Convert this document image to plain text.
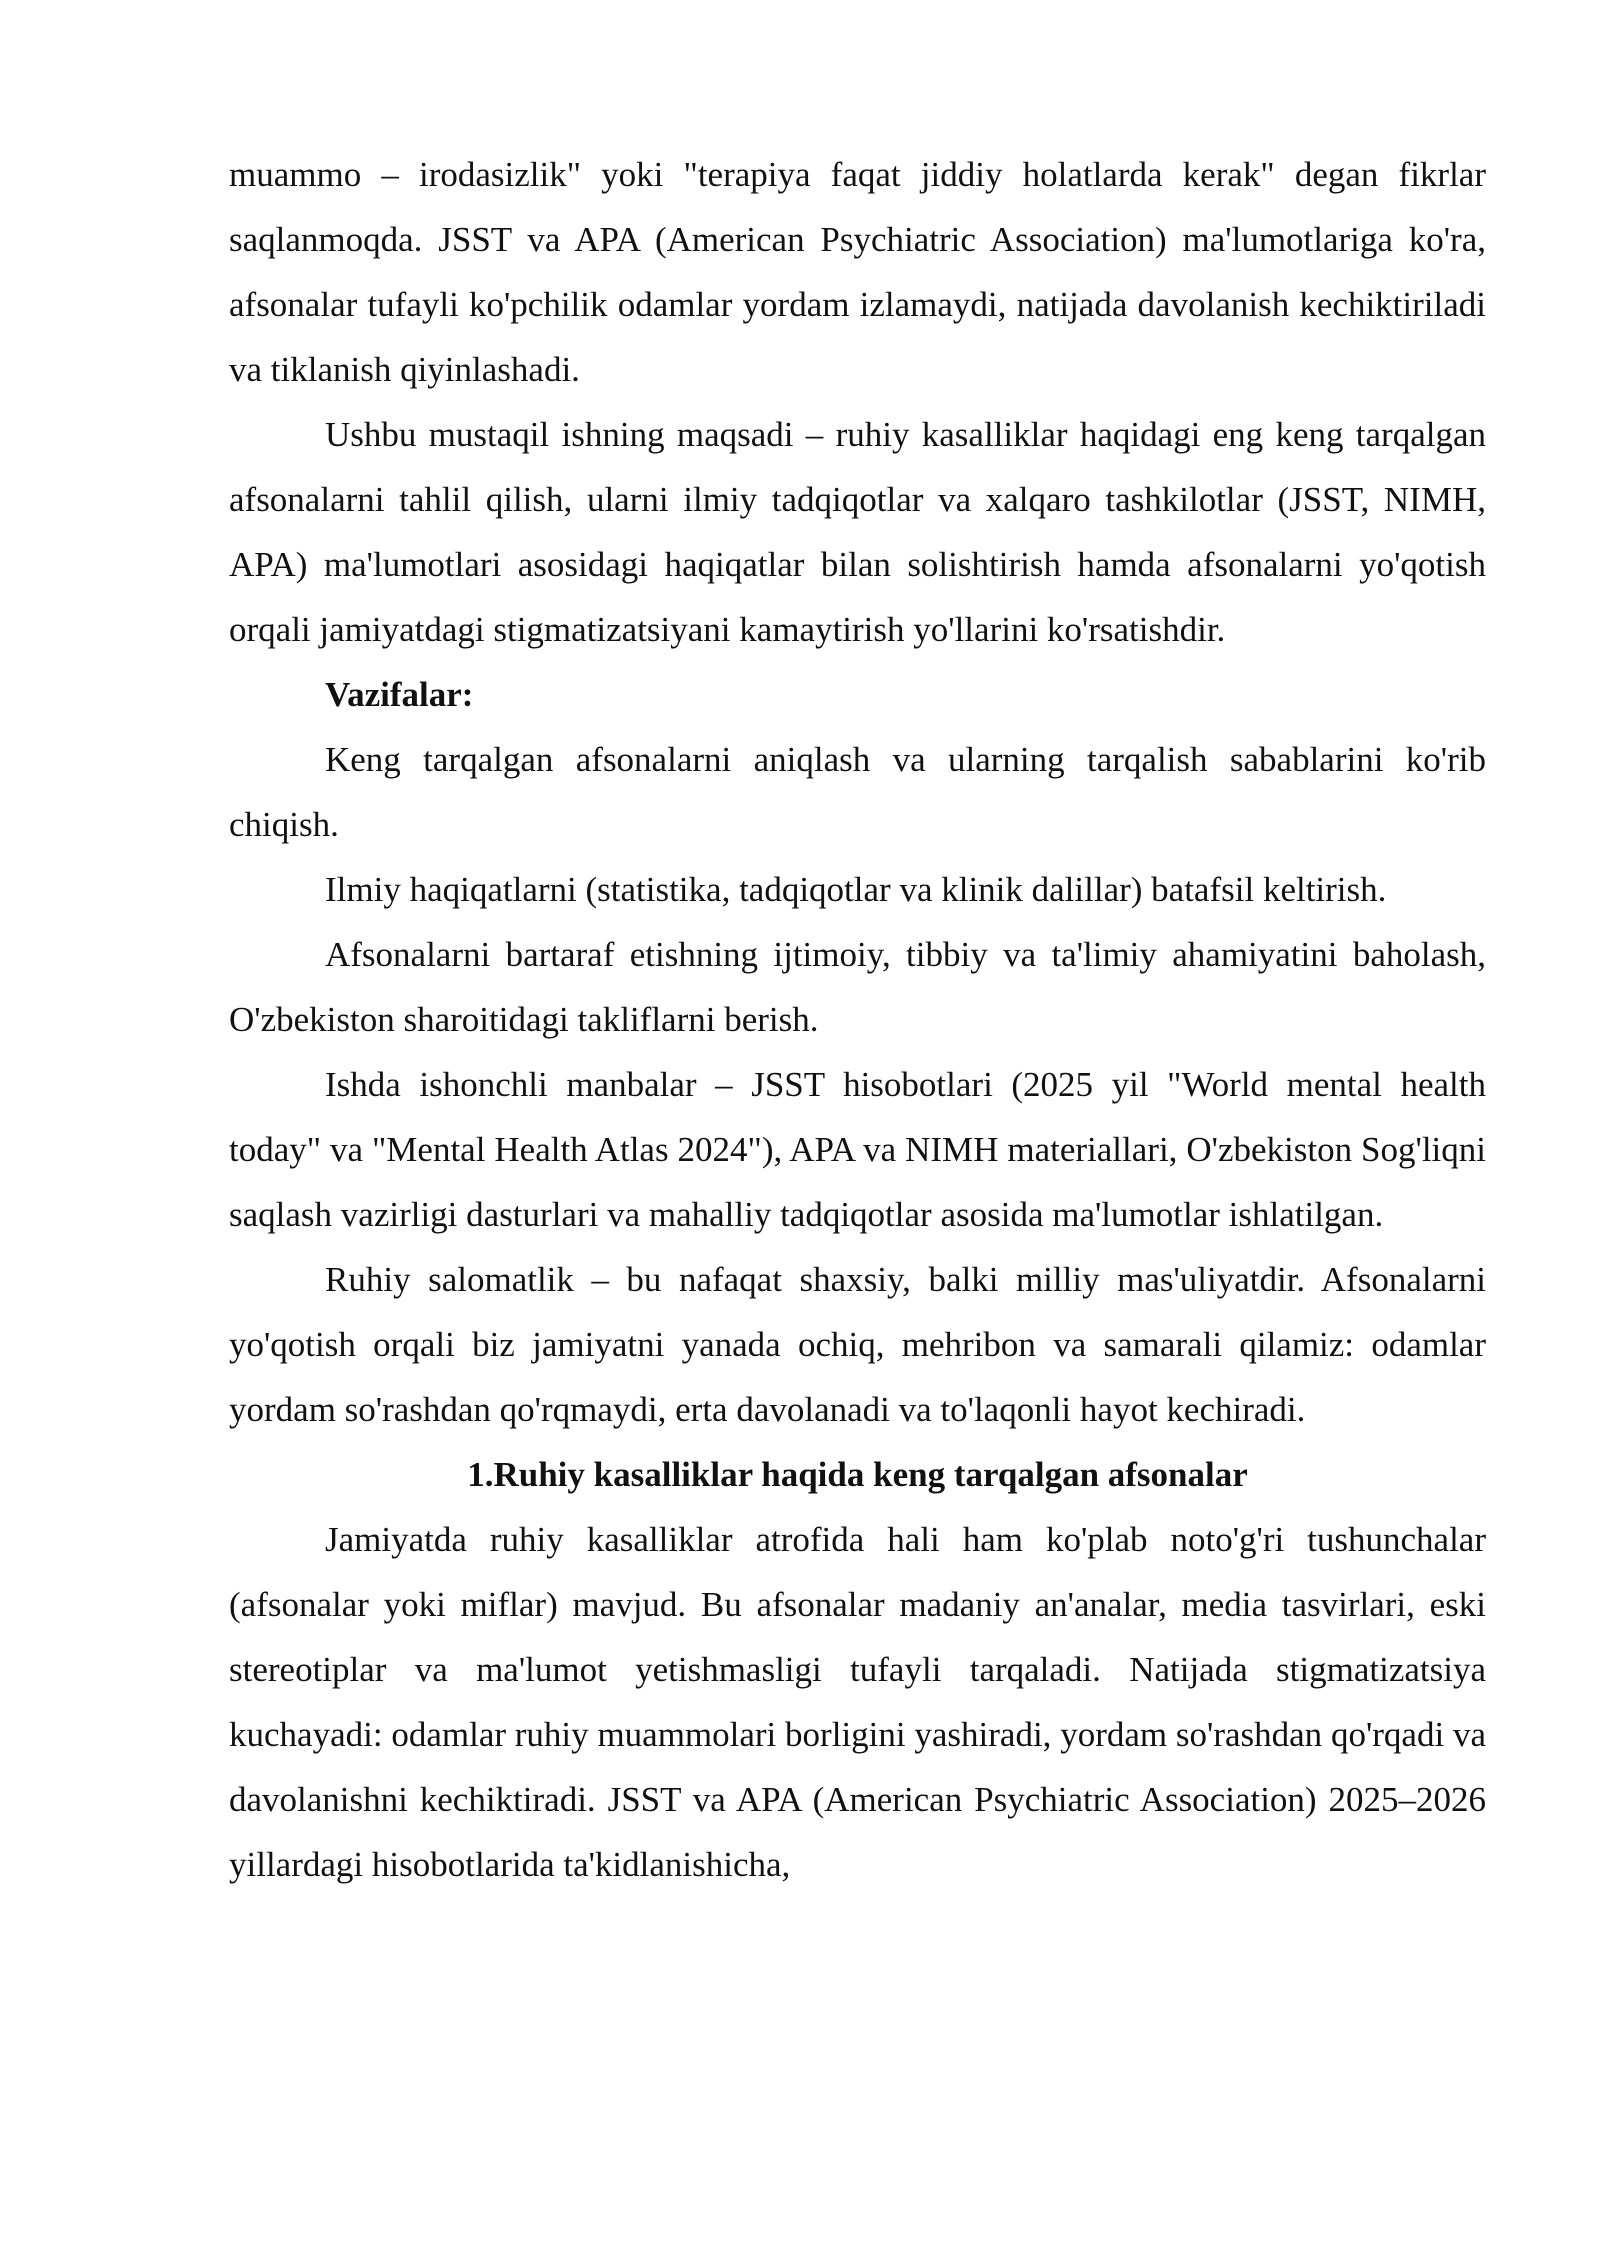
muammo – irodasizlik" yoki "terapiya faqat jiddiy holatlarda kerak" degan fikrlar saqlanmoqda. JSST va APA (American Psychiatric Association) ma'lumotlariga ko'ra, afsonalar tufayli ko'pchilik odamlar yordam izlamaydi, natijada davolanish kechiktiriladi va tiklanish qiyinlashadi.

Ushbu mustaqil ishning maqsadi – ruhiy kasalliklar haqidagi eng keng tarqalgan afsonalarni tahlil qilish, ularni ilmiy tadqiqotlar va xalqaro tashkilotlar (JSST, NIMH, APA) ma'lumotlari asosidagi haqiqatlar bilan solishtirish hamda afsonalarni yo'qotish orqali jamiyatdagi stigmatizatsiyani kamaytirish yo'llarini ko'rsatishdir.

Vazifalar:

Keng tarqalgan afsonalarni aniqlash va ularning tarqalish sabablarini ko'rib chiqish.

Ilmiy haqiqatlarni (statistika, tadqiqotlar va klinik dalillar) batafsil keltirish.

Afsonalarni bartaraf etishning ijtimoiy, tibbiy va ta'limiy ahamiyatini baholash, O'zbekiston sharoitidagi takliflarni berish.

Ishda ishonchli manbalar – JSST hisobotlari (2025 yil "World mental health today" va "Mental Health Atlas 2024"), APA va NIMH materiallari, O'zbekiston Sog'liqni saqlash vazirligi dasturlari va mahalliy tadqiqotlar asosida ma'lumotlar ishlatilgan.

Ruhiy salomatlik – bu nafaqat shaxsiy, balki milliy mas'uliyatdir. Afsonalarni yo'qotish orqali biz jamiyatni yanada ochiq, mehribon va samarali qilamiz: odamlar yordam so'rashdan qo'rqmaydi, erta davolanadi va to'laqonli hayot kechiradi.

1.Ruhiy kasalliklar haqida keng tarqalgan afsonalar

Jamiyatda ruhiy kasalliklar atrofida hali ham ko'plab noto'g'ri tushunchalar (afsonalar yoki miflar) mavjud. Bu afsonalar madaniy an'analar, media tasvirlari, eski stereotiplar va ma'lumot yetishmasligi tufayli tarqaladi. Natijada stigmatizatsiya kuchayadi: odamlar ruhiy muammolari borligini yashiradi, yordam so'rashdan qo'rqadi va davolanishni kechiktiradi. JSST va APA (American Psychiatric Association) 2025–2026 yillardagi hisobotlarida ta'kidlanishicha,
